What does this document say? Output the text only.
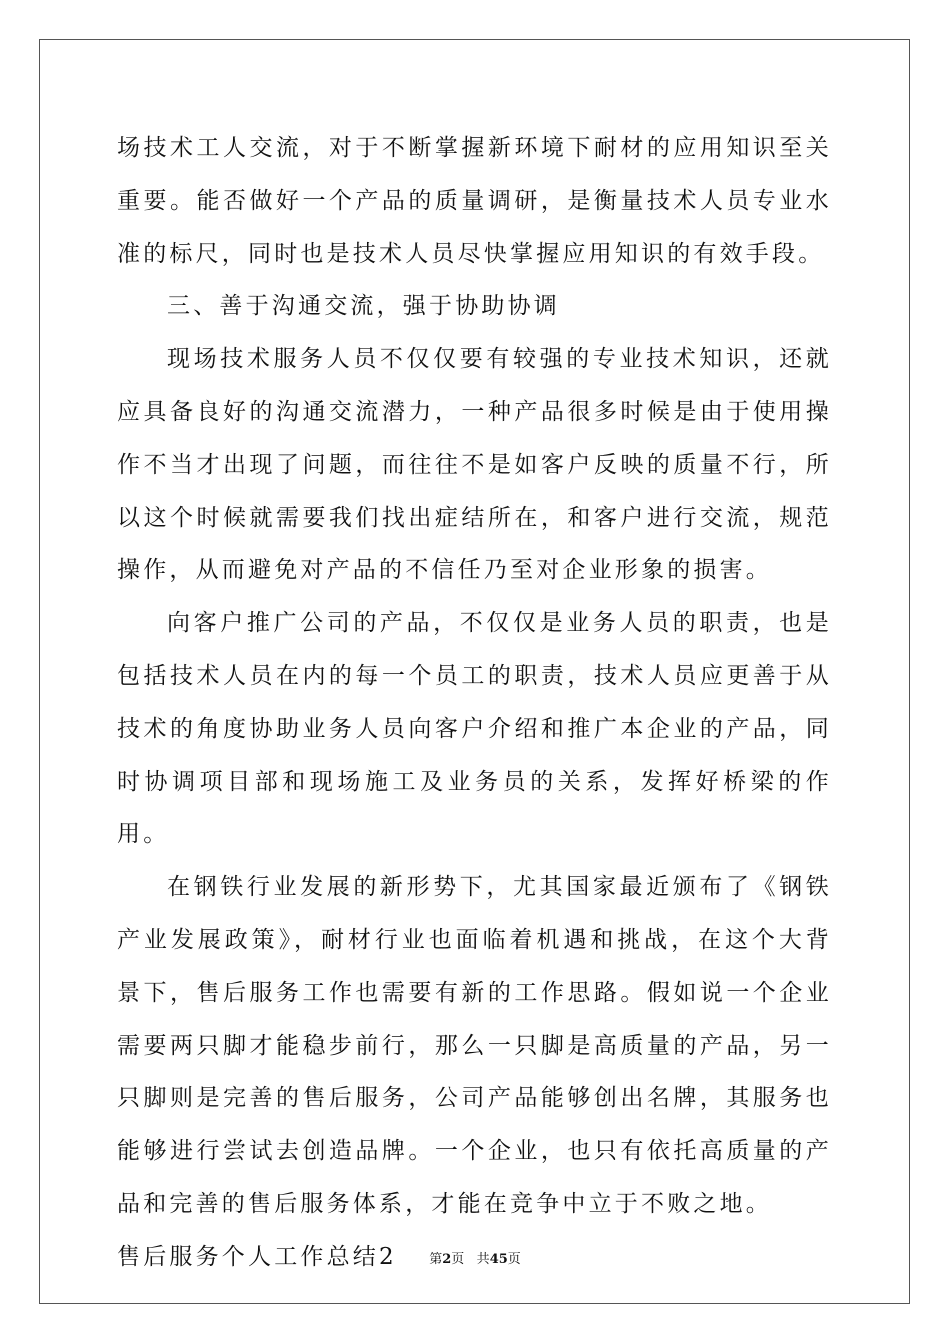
场技术工人交流，对于不断掌握新环境下耐材的应用知识至关重要。能否做好一个产品的质量调研，是衡量技术人员专业水准的标尺，同时也是技术人员尽快掌握应用知识的有效手段。

三、善于沟通交流，强于协助协调

现场技术服务人员不仅仅要有较强的专业技术知识，还就应具备良好的沟通交流潜力，一种产品很多时候是由于使用操作不当才出现了问题，而往往不是如客户反映的质量不行，所以这个时候就需要我们找出症结所在，和客户进行交流，规范操作，从而避免对产品的不信任乃至对企业形象的损害。

向客户推广公司的产品，不仅仅是业务人员的职责，也是包括技术人员在内的每一个员工的职责，技术人员应更善于从技术的角度协助业务人员向客户介绍和推广本企业的产品，同时协调项目部和现场施工及业务员的关系，发挥好桥梁的作用。

在钢铁行业发展的新形势下，尤其国家最近颁布了《钢铁产业发展政策》，耐材行业也面临着机遇和挑战，在这个大背景下，售后服务工作也需要有新的工作思路。假如说一个企业需要两只脚才能稳步前行，那么一只脚是高质量的产品，另一只脚则是完善的售后服务，公司产品能够创出名牌，其服务也能够进行尝试去创造品牌。一个企业，也只有依托高质量的产品和完善的售后服务体系，才能在竞争中立于不败之地。

售后服务个人工作总结2	第2页 共45页
